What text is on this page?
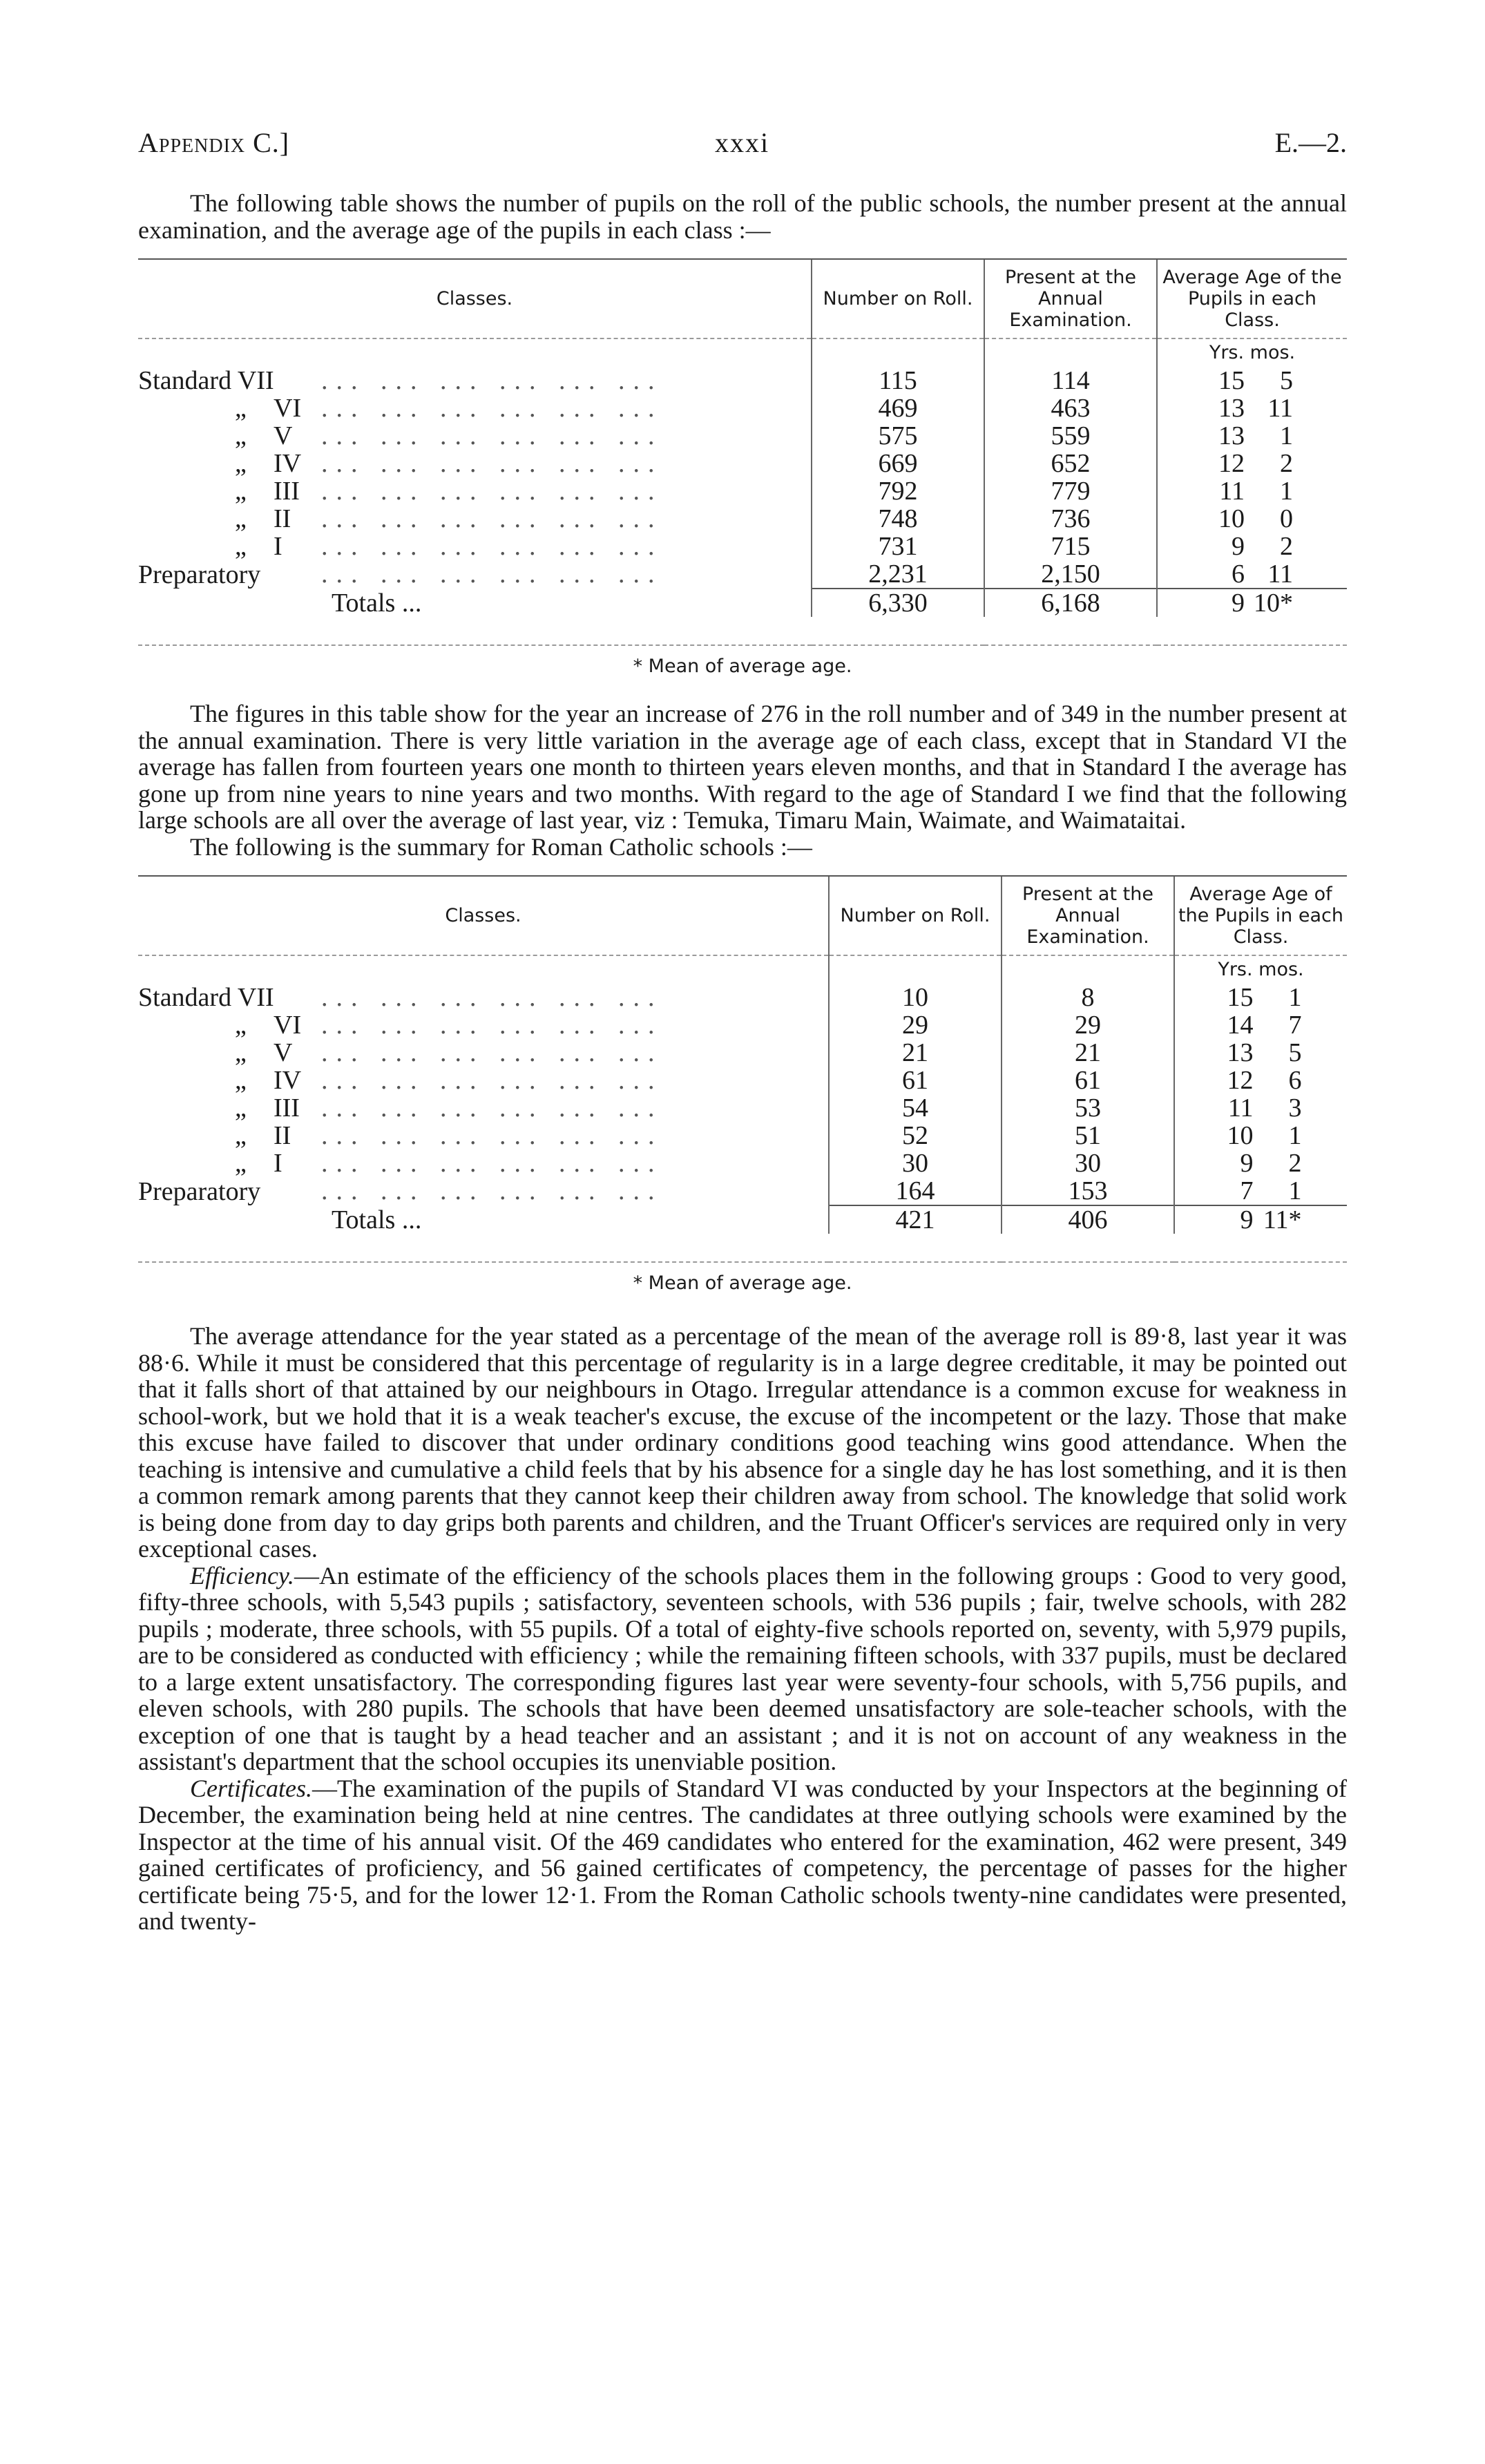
Appendix C.]	xxxi	E.—2.

The following table shows the number of pupils on the roll of the public schools, the number present at the annual examination, and the average age of the pupils in each class :—

Classes.	Number on Roll.	Present at the Annual Examination.	Average Age of the Pupils in each Class.
			Yrs. mos.
Standard VII ... ... ... ... ... ...	115	114	15 5
„ VI ... ... ... ... ... ...	469	463	13 11
„ V ... ... ... ... ... ...	575	559	13 1
„ IV ... ... ... ... ... ...	669	652	12 2
„ III ... ... ... ... ... ...	792	779	11 1
„ II ... ... ... ... ... ...	748	736	10 0
„ I ... ... ... ... ... ...	731	715	9 2
Preparatory ... ... ... ... ... ...	2,231	2,150	6 11
Totals ...	6,330	6,168	9 10*

* Mean of average age.

The figures in this table show for the year an increase of 276 in the roll number and of 349 in the number present at the annual examination. There is very little variation in the average age of each class, except that in Standard VI the average has fallen from fourteen years one month to thirteen years eleven months, and that in Standard I the average has gone up from nine years to nine years and two months. With regard to the age of Standard I we find that the following large schools are all over the average of last year, viz : Temuka, Timaru Main, Waimate, and Waimataitai.

The following is the summary for Roman Catholic schools :—

Classes.	Number on Roll.	Present at the Annual Examination.	Average Age of the Pupils in each Class.
			Yrs. mos.
Standard VII ... ... ... ... ... ...	10	8	15 1
„ VI ... ... ... ... ... ...	29	29	14 7
„ V ... ... ... ... ... ...	21	21	13 5
„ IV ... ... ... ... ... ...	61	61	12 6
„ III ... ... ... ... ... ...	54	53	11 3
„ II ... ... ... ... ... ...	52	51	10 1
„ I ... ... ... ... ... ...	30	30	9 2
Preparatory ... ... ... ... ... ...	164	153	7 1
Totals ...	421	406	9 11*

* Mean of average age.

The average attendance for the year stated as a percentage of the mean of the average roll is 89·8, last year it was 88·6. While it must be considered that this percentage of regularity is in a large degree creditable, it may be pointed out that it falls short of that attained by our neighbours in Otago. Irregular attendance is a common excuse for weakness in school-work, but we hold that it is a weak teacher's excuse, the excuse of the incompetent or the lazy. Those that make this excuse have failed to discover that under ordinary conditions good teaching wins good attendance. When the teaching is intensive and cumulative a child feels that by his absence for a single day he has lost something, and it is then a common remark among parents that they cannot keep their children away from school. The knowledge that solid work is being done from day to day grips both parents and children, and the Truant Officer's services are required only in very exceptional cases.

Efficiency.—An estimate of the efficiency of the schools places them in the following groups : Good to very good, fifty-three schools, with 5,543 pupils ; satisfactory, seventeen schools, with 536 pupils ; fair, twelve schools, with 282 pupils ; moderate, three schools, with 55 pupils. Of a total of eighty-five schools reported on, seventy, with 5,979 pupils, are to be considered as conducted with efficiency ; while the remaining fifteen schools, with 337 pupils, must be declared to a large extent unsatisfactory. The corresponding figures last year were seventy-four schools, with 5,756 pupils, and eleven schools, with 280 pupils. The schools that have been deemed unsatisfactory are sole-teacher schools, with the exception of one that is taught by a head teacher and an assistant ; and it is not on account of any weakness in the assistant's department that the school occupies its unenviable position.

Certificates.—The examination of the pupils of Standard VI was conducted by your Inspectors at the beginning of December, the examination being held at nine centres. The candidates at three outlying schools were examined by the Inspector at the time of his annual visit. Of the 469 candidates who entered for the examination, 462 were present, 349 gained certificates of proficiency, and 56 gained certificates of competency, the percentage of passes for the higher certificate being 75·5, and for the lower 12·1. From the Roman Catholic schools twenty-nine candidates were presented, and twenty-
